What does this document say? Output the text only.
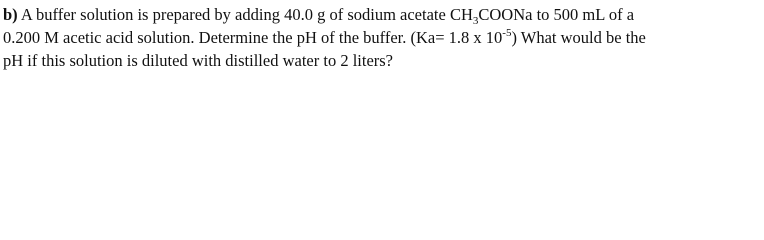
b) A buffer solution is prepared by adding 40.0 g of sodium acetate $CH_3COONa$ to 500 mL of a
0.200 M acetic acid solution. Determine the pH of the buffer. (Ka= 1.8 x $10^{-5}$) What would be the
pH if this solution is diluted with distilled water to 2 liters?
